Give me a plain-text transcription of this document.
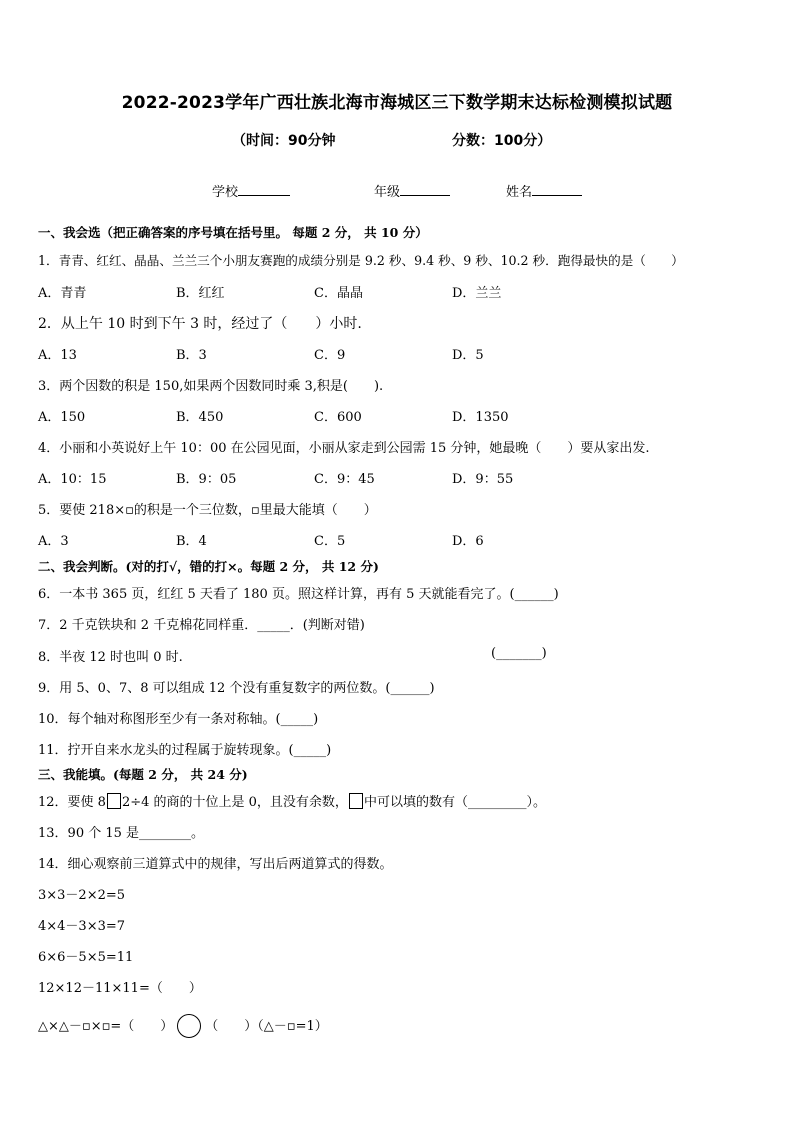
2022-2023学年广西壮族北海市海城区三下数学期末达标检测模拟试题
（时间：90分钟	分数：100分）
学校	年级	姓名
一、我会选（把正确答案的序号填在括号里。 每题 2 分， 共 10 分）
1．青青、红红、晶晶、兰兰三个小朋友赛跑的成绩分别是 9.2 秒、9.4 秒、9 秒、10.2 秒．跑得最快的是（　　）
A．青青	B．红红	C．晶晶	D．兰兰
2．从上午 10 时到下午 3 时，经过了（　　）小时.
A．13	B．3	C．9	D．5
3．两个因数的积是 150,如果两个因数同时乘 3,积是(　　).
A．150	B．450	C．600	D．1350
4．小丽和小英说好上午 10：00 在公园见面，小丽从家走到公园需 15 分钟，她最晚（　　）要从家出发.
A．10：15	B．9：05	C．9：45	D．9：55
5．要使 218×▫的积是一个三位数，▫里最大能填（　　）
A．3	B．4	C．5	D．6
二、我会判断。(对的打√，错的打×。每题 2 分， 共 12 分)
6．一本书 365 页，红红 5 天看了 180 页。照这样计算，再有 5 天就能看完了。(______)
7．2 千克铁块和 2 千克棉花同样重．_____．(判断对错)
8．半夜 12 时也叫 0 时.	(_______)
9．用 5、0、7、8 可以组成 12 个没有重复数字的两位数。(______)
10．每个轴对称图形至少有一条对称轴。(_____)
11．拧开自来水龙头的过程属于旋转现象。(_____)
三、我能填。(每题 2 分， 共 24 分)
12．要使 8 2÷4 的商的十位上是 0，且没有余数， 中可以填的数有（_________）。
13．90 个 15 是________。
14．细心观察前三道算式中的规律，写出后两道算式的得数。
3×3－2×2=5
4×4－3×3=7
6×6－5×5=11
12×12－11×11=（　　）
△×△－▫×▫=（　　） （　　）（△－▫=1）
